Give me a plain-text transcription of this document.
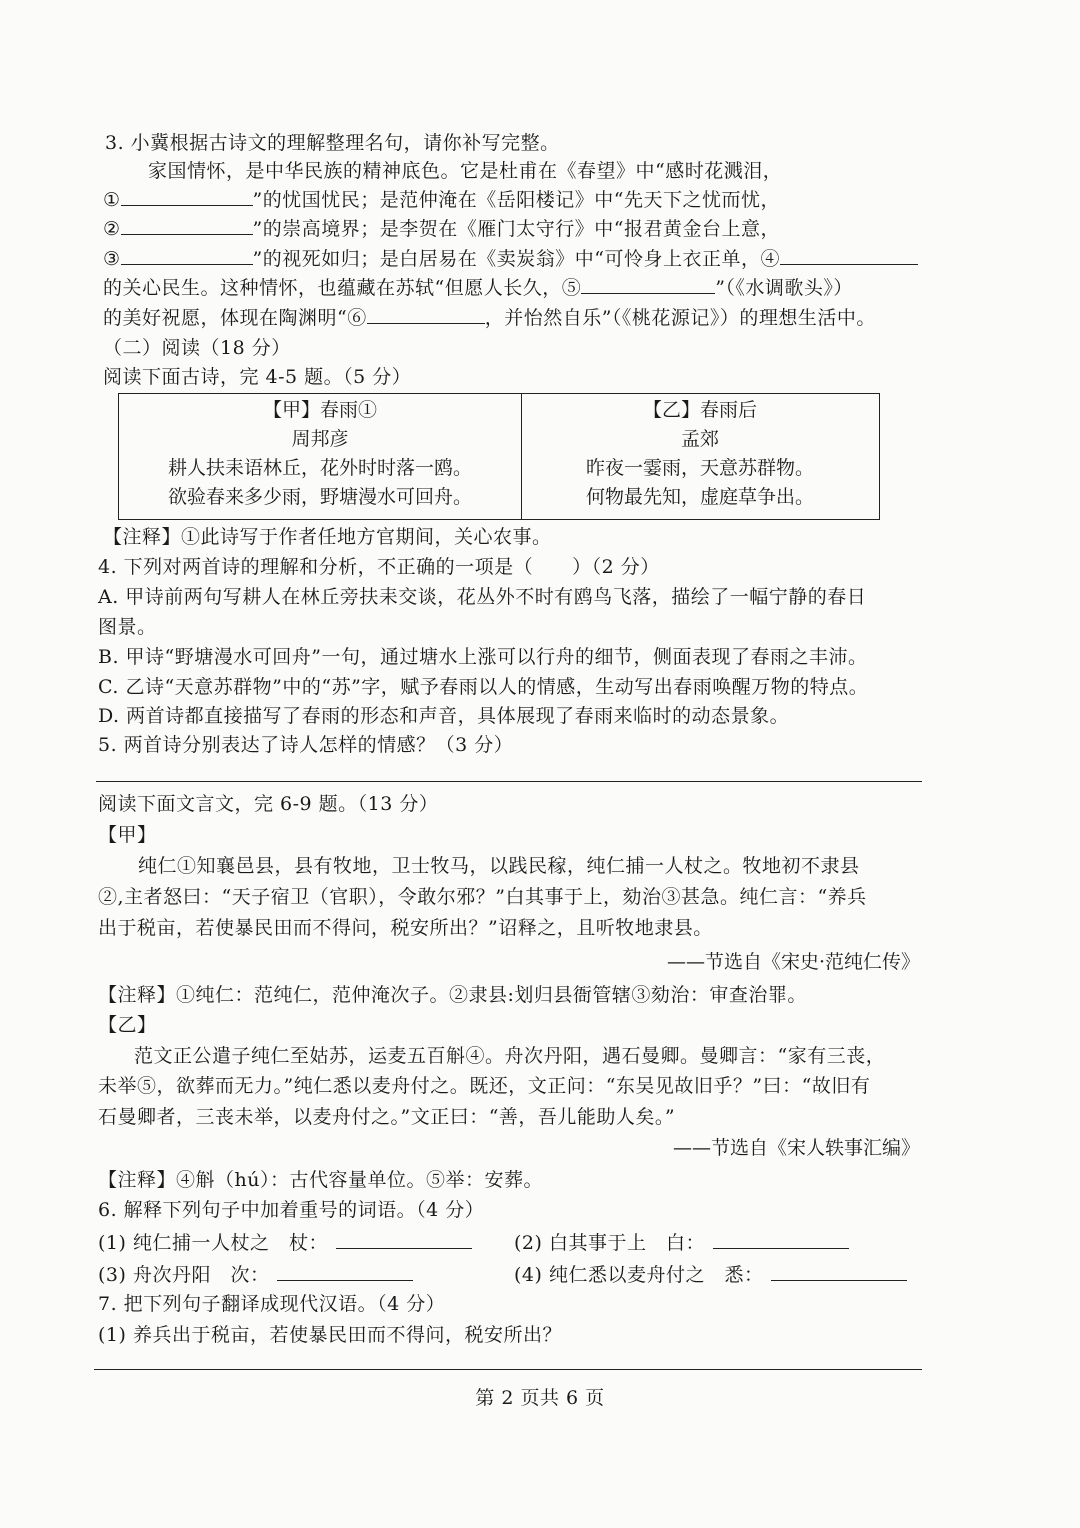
3. 小冀根据古诗文的理解整理名句，请你补写完整。
家国情怀，是中华民族的精神底色。它是杜甫在《春望》中“感时花溅泪，
①	”的忧国忧民；是范仲淹在《岳阳楼记》中“先天下之忧而忧，
②	”的崇高境界；是李贺在《雁门太守行》中“报君黄金台上意，
③	”的视死如归；是白居易在《卖炭翁》中“可怜身上衣正单，④
的关心民生。这种情怀，也蕴藏在苏轼“但愿人长久，⑤	”（《水调歌头》）
的美好祝愿，体现在陶渊明“⑥	，并怡然自乐”（《桃花源记》）的理想生活中。
（二）阅读（18 分）
阅读下面古诗，完 4-5 题。（5 分）
【甲】春雨①
周邦彦
耕人扶耒语林丘，花外时时落一鸥。
欲验春来多少雨，野塘漫水可回舟。
【乙】春雨后
孟郊
昨夜一霎雨，天意苏群物。
何物最先知，虚庭草争出。
【注释】①此诗写于作者任地方官期间，关心农事。
4. 下列对两首诗的理解和分析，不正确的一项是（　　）（2 分）
A. 甲诗前两句写耕人在林丘旁扶耒交谈，花丛外不时有鸥鸟飞落，描绘了一幅宁静的春日
图景。
B. 甲诗“野塘漫水可回舟”一句，通过塘水上涨可以行舟的细节，侧面表现了春雨之丰沛。
C. 乙诗“天意苏群物”中的“苏”字，赋予春雨以人的情感，生动写出春雨唤醒万物的特点。
D. 两首诗都直接描写了春雨的形态和声音，具体展现了春雨来临时的动态景象。
5. 两首诗分别表达了诗人怎样的情感？（3 分）
阅读下面文言文，完 6-9 题。（13 分）
【甲】
纯仁①知襄邑县，县有牧地，卫士牧马，以践民稼，纯仁捕一人杖之。牧地初不隶县
②,主者怒曰：“天子宿卫（官职），令敢尔邪？”白其事于上，劾治③甚急。纯仁言：“养兵
出于税亩，若使暴民田而不得问，税安所出？”诏释之，且听牧地隶县。
——节选自《宋史·范纯仁传》
【注释】①纯仁：范纯仁，范仲淹次子。②隶县:划归县衙管辖③劾治：审查治罪。
【乙】
范文正公遣子纯仁至姑苏，运麦五百斛④。舟次丹阳，遇石曼卿。曼卿言：“家有三丧，
未举⑤，欲葬而无力。”纯仁悉以麦舟付之。既还，文正问：“东吴见故旧乎？”曰：“故旧有
石曼卿者，三丧未举，以麦舟付之。”文正曰：“善，吾儿能助人矣。”
——节选自《宋人轶事汇编》
【注释】④斛（hú）：古代容量单位。⑤举：安葬。
6. 解释下列句子中加着重号的词语。（4 分）
(1) 纯仁捕一人杖之　杖：	(2) 白其事于上　白：
(3) 舟次丹阳　次：	(4) 纯仁悉以麦舟付之　悉：
7. 把下列句子翻译成现代汉语。（4 分）
(1) 养兵出于税亩，若使暴民田而不得问，税安所出？
第 2 页共 6 页
